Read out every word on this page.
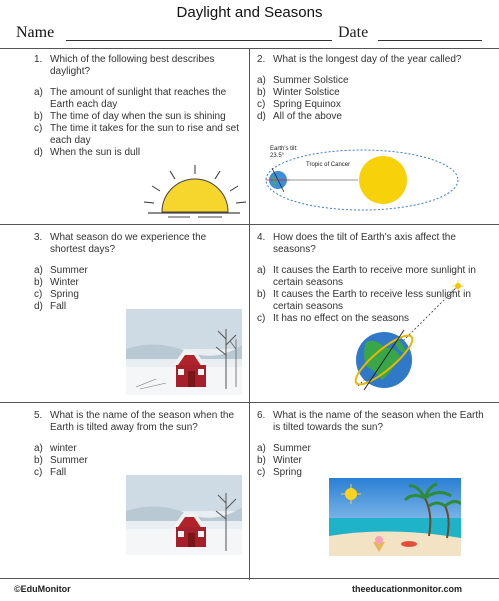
Daylight and Seasons
Name	Date
1. Which of the following best describes daylight?
a) The amount of sunlight that reaches the Earth each day
b) The time of day when the sun is shining
c) The time it takes for the sun to rise and set each day
d) When the sun is dull
2. What is the longest day of the year called?
a) Summer Solstice
b) Winter Solstice
c) Spring Equinox
d) All of the above
3. What season do we experience the shortest days?
a) Summer
b) Winter
c) Spring
d) Fall
4. How does the tilt of Earth's axis affect the seasons?
a) It causes the Earth to receive more sunlight in certain seasons
b) It causes the Earth to receive less sunlight in certain seasons
c) It has no effect on the seasons
5. What is the name of the season when the Earth is tilted away from the sun?
a) winter
b) Summer
c) Fall
6. What is the name of the season when the Earth is tilted towards the sun?
a) Summer
b) Winter
c) Spring
Earth's tilt:
23.5°
Tropic of Cancer
©EduMonitor	theeducationmonitor.com
